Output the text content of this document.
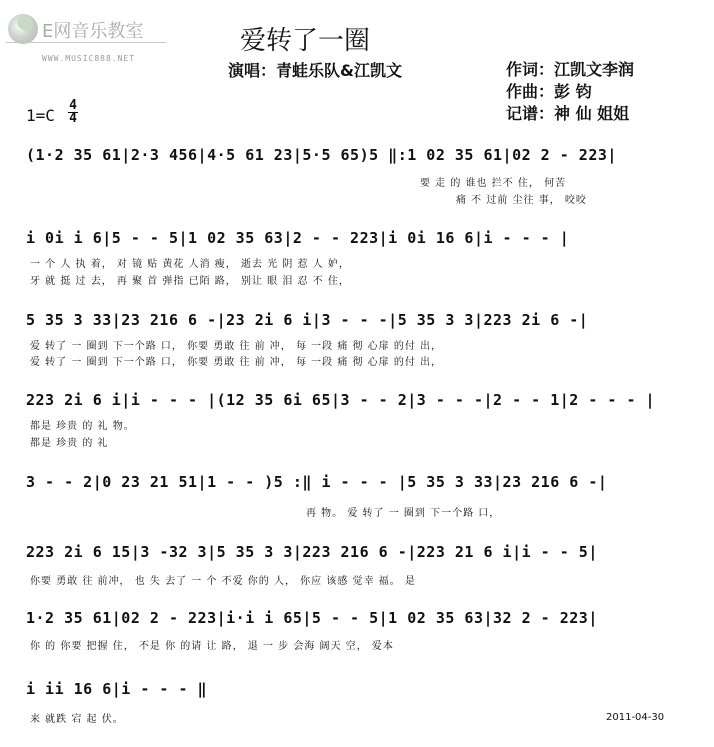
E网音乐教室
WWW.MUSIC888.NET
爱转了一圈
演唱：青蛙乐队&江凯文	作词：江凯文李润
作曲：彭 钧
记谱：神 仙 姐姐
1=C
4
4
(1·2 35 61|2·3 456|4·5 61 23|5·5 65)5 ‖:1 02 35 61|02 2 - 223|
要 走 的 谁也 拦不 住， 何苦
痛 不 过前 尘往 事， 咬咬
i 0i i 6|5 - - 5|1 02 35 63|2 - - 223|i 0i 16 6|i - - - |
一 个 人 执 着， 对 镜 贴 黄花 人消 瘦， 逝去 光 阴 惹 人 妒，
牙 就 挺 过 去， 再 聚 首 弹指 已陌 路， 别让 眼 泪 忍 不 住，
5 35 3 33|23 216 6 -|23 2i 6 i|3 - - -|5 35 3 3|223 2i 6 -|
爱 转了 一 圈到 下一个路 口， 你要 勇敢 往 前 冲， 每 一段 痛 彻 心扉 的付 出，
爱 转了 一 圈到 下一个路 口， 你要 勇敢 往 前 冲， 每 一段 痛 彻 心扉 的付 出，
223 2i 6 i|i - - - |(12 35 6i 65|3 - - 2|3 - - -|2 - - 1|2 - - - |
都是 珍贵 的 礼 物。
都是 珍贵 的 礼
3 - - 2|0 23 21 51|1 - - )5 :‖ i - - - |5 35 3 33|23 216 6 -|
再 物。 爱 转了 一 圈到 下一个路 口，
223 2i 6 15|3 -32 3|5 35 3 3|223 216 6 -|223 21 6 i|i - - 5|
你要 勇敢 往 前冲， 也 失 去了 一 个 不爱 你的 人， 你应 该感 觉幸 福。 是
1·2 35 61|02 2 - 223|i·i i 65|5 - - 5|1 02 35 63|32 2 - 223|
你 的 你要 把握 住， 不是 你 的请 让 路， 退 一 步 会海 阔天 空， 爱本
i ii 16 6|i - - - ‖
来 就跌 宕 起 伏。	2011-04-30
